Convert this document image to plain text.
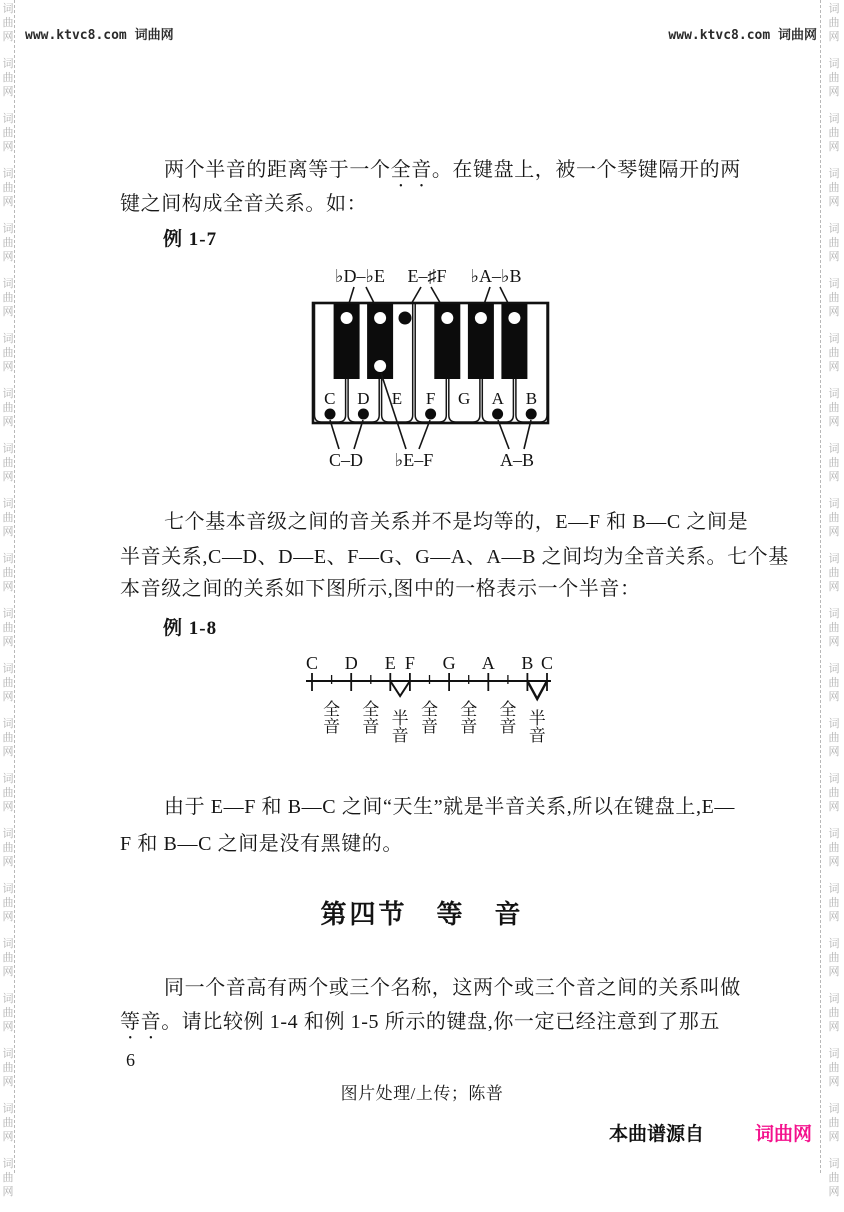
词
曲
网
词
曲
网
词
曲
网
词
曲
网
词
曲
网
词
曲
网
词
曲
网
词
曲
网
词
曲
网
词
曲
网
词
曲
网
词
曲
网
词
曲
网
词
曲
网
词
曲
网
词
曲
网
词
曲
网
词
曲
网
词
曲
网
词
曲
网
词
曲
网
词
曲
网
词
曲
网
词
曲
网
词
曲
网
词
曲
网
词
曲
网
词
曲
网
词
曲
网
词
曲
网
词
曲
网
词
曲
网
词
曲
网
词
曲
网
词
曲
网
词
曲
网
词
曲
网
词
曲
网
词
曲
网
词
曲
网
词
曲
网
词
曲
网
词
曲
网
词
曲
网
www.ktvc8.com 词曲网	www.ktvc8.com 词曲网
两个半音的距离等于一个全音。在键盘上，被一个琴键隔开的两
键之间构成全音关系。如：
例 1-7
♭D–♭E E–♯F ♭A–♭B
C D E F G A B
C–D ♭E–F	A–B
七个基本音级之间的音关系并不是均等的，E—F 和 B—C 之间是
半音关系,C—D、D—E、F—G、G—A、A—B 之间均为全音关系。七个基
本音级之间的关系如下图所示,图中的一格表示一个半音：
例 1-8
C D E F G A B C
全
音
全
音 半
音
全
音
全
音
全
音 半
音
由于 E—F 和 B—C 之间“天生”就是半音关系,所以在键盘上,E—
F 和 B—C 之间是没有黑键的。
第四节　等　音
同一个音高有两个或三个名称，这两个或三个音之间的关系叫做
等音。请比较例 1-4 和例 1-5 所示的键盘,你一定已经注意到了那五
6
图片处理/上传；陈普
本曲谱源自	词曲网
